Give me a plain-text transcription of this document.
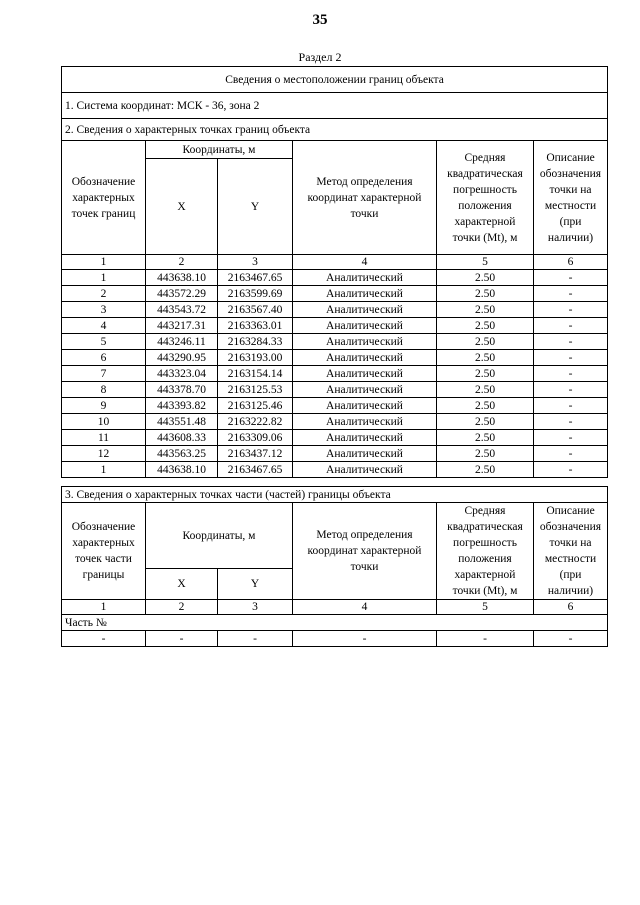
35
Раздел 2
Сведения о местоположении границ объекта					
1. Система координат: МСК - 36, зона 2					
2. Сведения о характерных точках границ объекта					
Обозначение характерных точек границ	Координаты, м		Метод определения координат характерной точки	Средняя квадратическая погрешность положения характерной точки (Mt), м	Описание обозначения точки на местности (при наличии)
	X	Y			
1	2	3	4	5	6
1	443638.10	2163467.65	Аналитический	2.50	-
2	443572.29	2163599.69	Аналитический	2.50	-
3	443543.72	2163567.40	Аналитический	2.50	-
4	443217.31	2163363.01	Аналитический	2.50	-
5	443246.11	2163284.33	Аналитический	2.50	-
6	443290.95	2163193.00	Аналитический	2.50	-
7	443323.04	2163154.14	Аналитический	2.50	-
8	443378.70	2163125.53	Аналитический	2.50	-
9	443393.82	2163125.46	Аналитический	2.50	-
10	443551.48	2163222.82	Аналитический	2.50	-
11	443608.33	2163309.06	Аналитический	2.50	-
12	443563.25	2163437.12	Аналитический	2.50	-
1	443638.10	2163467.65	Аналитический	2.50	-
3. Сведения о характерных точках части (частей) границы объекта					
Обозначение характерных точек части границы	Координаты, м		Метод определения координат характерной точки	Средняя квадратическая погрешность положения характерной точки (Mt), м	Описание обозначения точки на местности (при наличии)
	X	Y			
1	2	3	4	5	6
Часть №					
-	-	-	-	-	-
